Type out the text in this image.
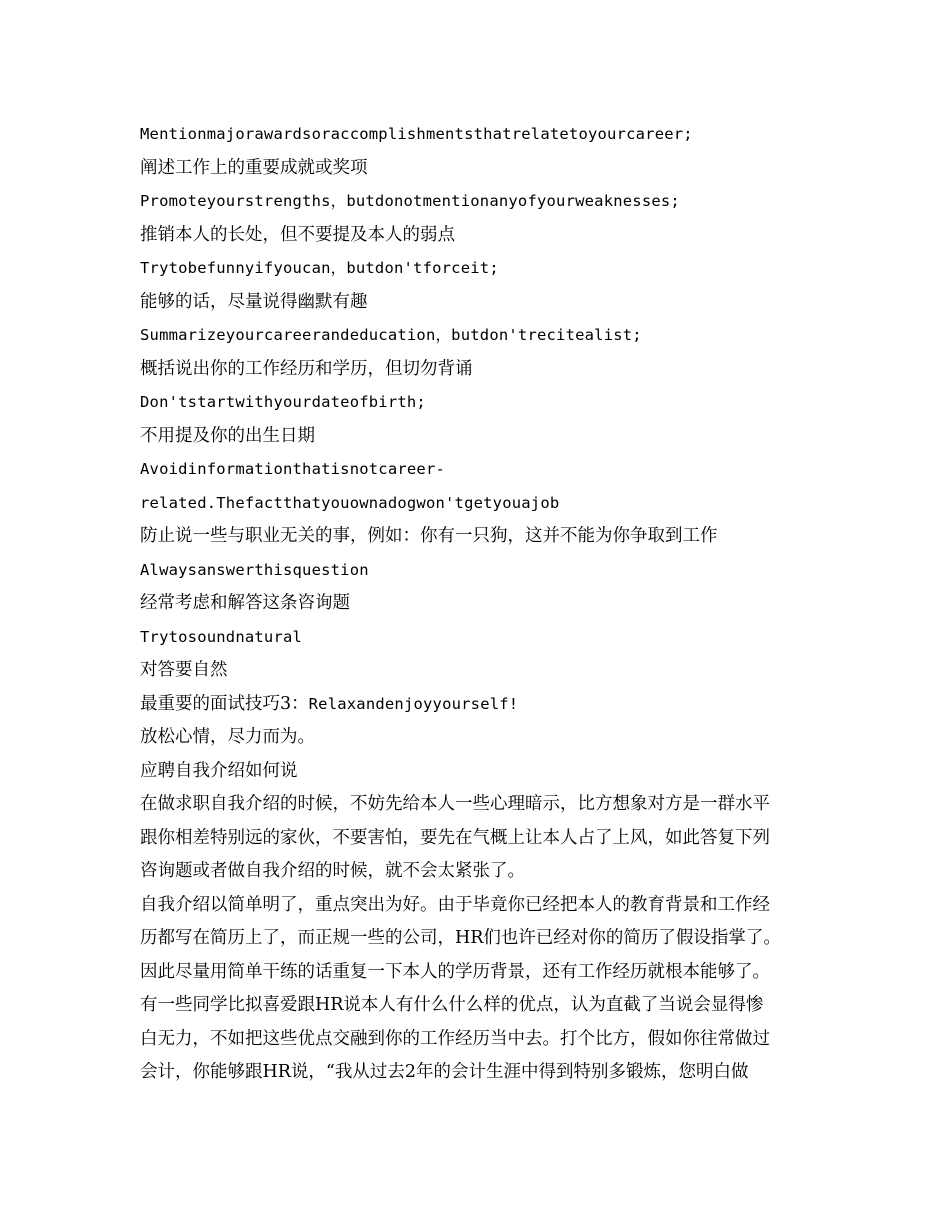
Mentionmajorawardsoraccomplishmentsthatrelatetoyourcareer;
阐述工作上的重要成就或奖项
Promoteyourstrengths，butdonotmentionanyofyourweaknesses;
推销本人的长处，但不要提及本人的弱点
Trytobefunnyifyoucan，butdon'tforceit;
能够的话，尽量说得幽默有趣
Summarizeyourcareerandeducation，butdon'trecitealist;
概括说出你的工作经历和学历，但切勿背诵
Don'tstartwithyourdateofbirth;
不用提及你的出生日期
Avoidinformationthatisnotcareer-
related.Thefactthatyouownadogwon'tgetyouajob
防止说一些与职业无关的事，例如：你有一只狗，这并不能为你争取到工作
Alwaysanswerthisquestion
经常考虑和解答这条咨询题
Trytosoundnatural
对答要自然
最重要的面试技巧3：Relaxandenjoyyourself!
放松心情，尽力而为。
应聘自我介绍如何说
在做求职自我介绍的时候，不妨先给本人一些心理暗示，比方想象对方是一群水平
跟你相差特别远的家伙，不要害怕，要先在气概上让本人占了上风，如此答复下列
咨询题或者做自我介绍的时候，就不会太紧张了。
自我介绍以简单明了，重点突出为好。由于毕竟你已经把本人的教育背景和工作经
历都写在简历上了，而正规一些的公司，HR们也许已经对你的简历了假设指掌了。
因此尽量用简单干练的话重复一下本人的学历背景，还有工作经历就根本能够了。
有一些同学比拟喜爱跟HR说本人有什么什么样的优点，认为直截了当说会显得惨
白无力，不如把这些优点交融到你的工作经历当中去。打个比方，假如你往常做过
会计，你能够跟HR说，“我从过去2年的会计生涯中得到特别多锻炼，您明白做
